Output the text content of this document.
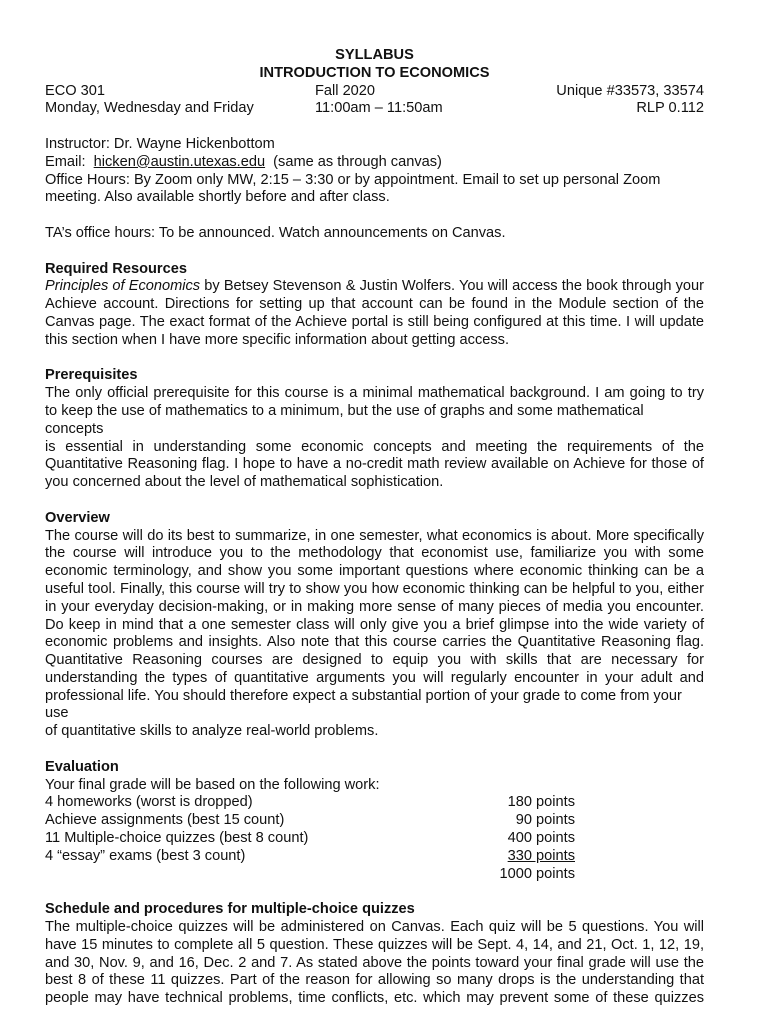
SYLLABUS
INTRODUCTION TO ECONOMICS
ECO 301	Fall 2020	Unique #33573, 33574
Monday, Wednesday and Friday	11:00am – 11:50am	RLP 0.112
Instructor: Dr. Wayne Hickenbottom
Email:  hicken@austin.utexas.edu  (same as through canvas)
Office Hours: By Zoom only MW, 2:15 – 3:30 or by appointment. Email to set up personal Zoom
meeting. Also available shortly before and after class.
TA’s office hours: To be announced. Watch announcements on Canvas.
Required Resources
Principles of Economics by Betsey Stevenson & Justin Wolfers. You will access the book through your
Achieve account. Directions for setting up that account can be found in the Module section of the
Canvas page. The exact format of the Achieve portal is still being configured at this time. I will update
this section when I have more specific information about getting access.
Prerequisites
The only official prerequisite for this course is a minimal mathematical background. I am going to try
to keep the use of mathematics to a minimum, but the use of graphs and some mathematical concepts
is essential in understanding some economic concepts and meeting the requirements of the
Quantitative Reasoning flag. I hope to have a no-credit math review available on Achieve for those of
you concerned about the level of mathematical sophistication.
Overview
The course will do its best to summarize, in one semester, what economics is about. More specifically
the course will introduce you to the methodology that economist use, familiarize you with some
economic terminology, and show you some important questions where economic thinking can be a
useful tool. Finally, this course will try to show you how economic thinking can be helpful to you, either
in your everyday decision-making, or in making more sense of many pieces of media you encounter.
Do keep in mind that a one semester class will only give you a brief glimpse into the wide variety of
economic problems and insights. Also note that this course carries the Quantitative Reasoning flag.
Quantitative Reasoning courses are designed to equip you with skills that are necessary for
understanding the types of quantitative arguments you will regularly encounter in your adult and
professional life. You should therefore expect a substantial portion of your grade to come from your use
of quantitative skills to analyze real-world problems.
Evaluation
Your final grade will be based on the following work:
4 homeworks (worst is dropped)	180 points
Achieve assignments (best 15 count)	90 points
11 Multiple-choice quizzes (best 8 count)	400 points
4 “essay” exams (best 3 count)	330 points
1000 points
Schedule and procedures for multiple-choice quizzes
The multiple-choice quizzes will be administered on Canvas. Each quiz will be 5 questions. You will
have 15 minutes to complete all 5 question. These quizzes will be Sept. 4, 14, and 21, Oct. 1, 12, 19,
and 30, Nov. 9, and 16, Dec. 2 and 7. As stated above the points toward your final grade will use the
best 8 of these 11 quizzes. Part of the reason for allowing so many drops is the understanding that
people may have technical problems, time conflicts, etc. which may prevent some of these quizzes
